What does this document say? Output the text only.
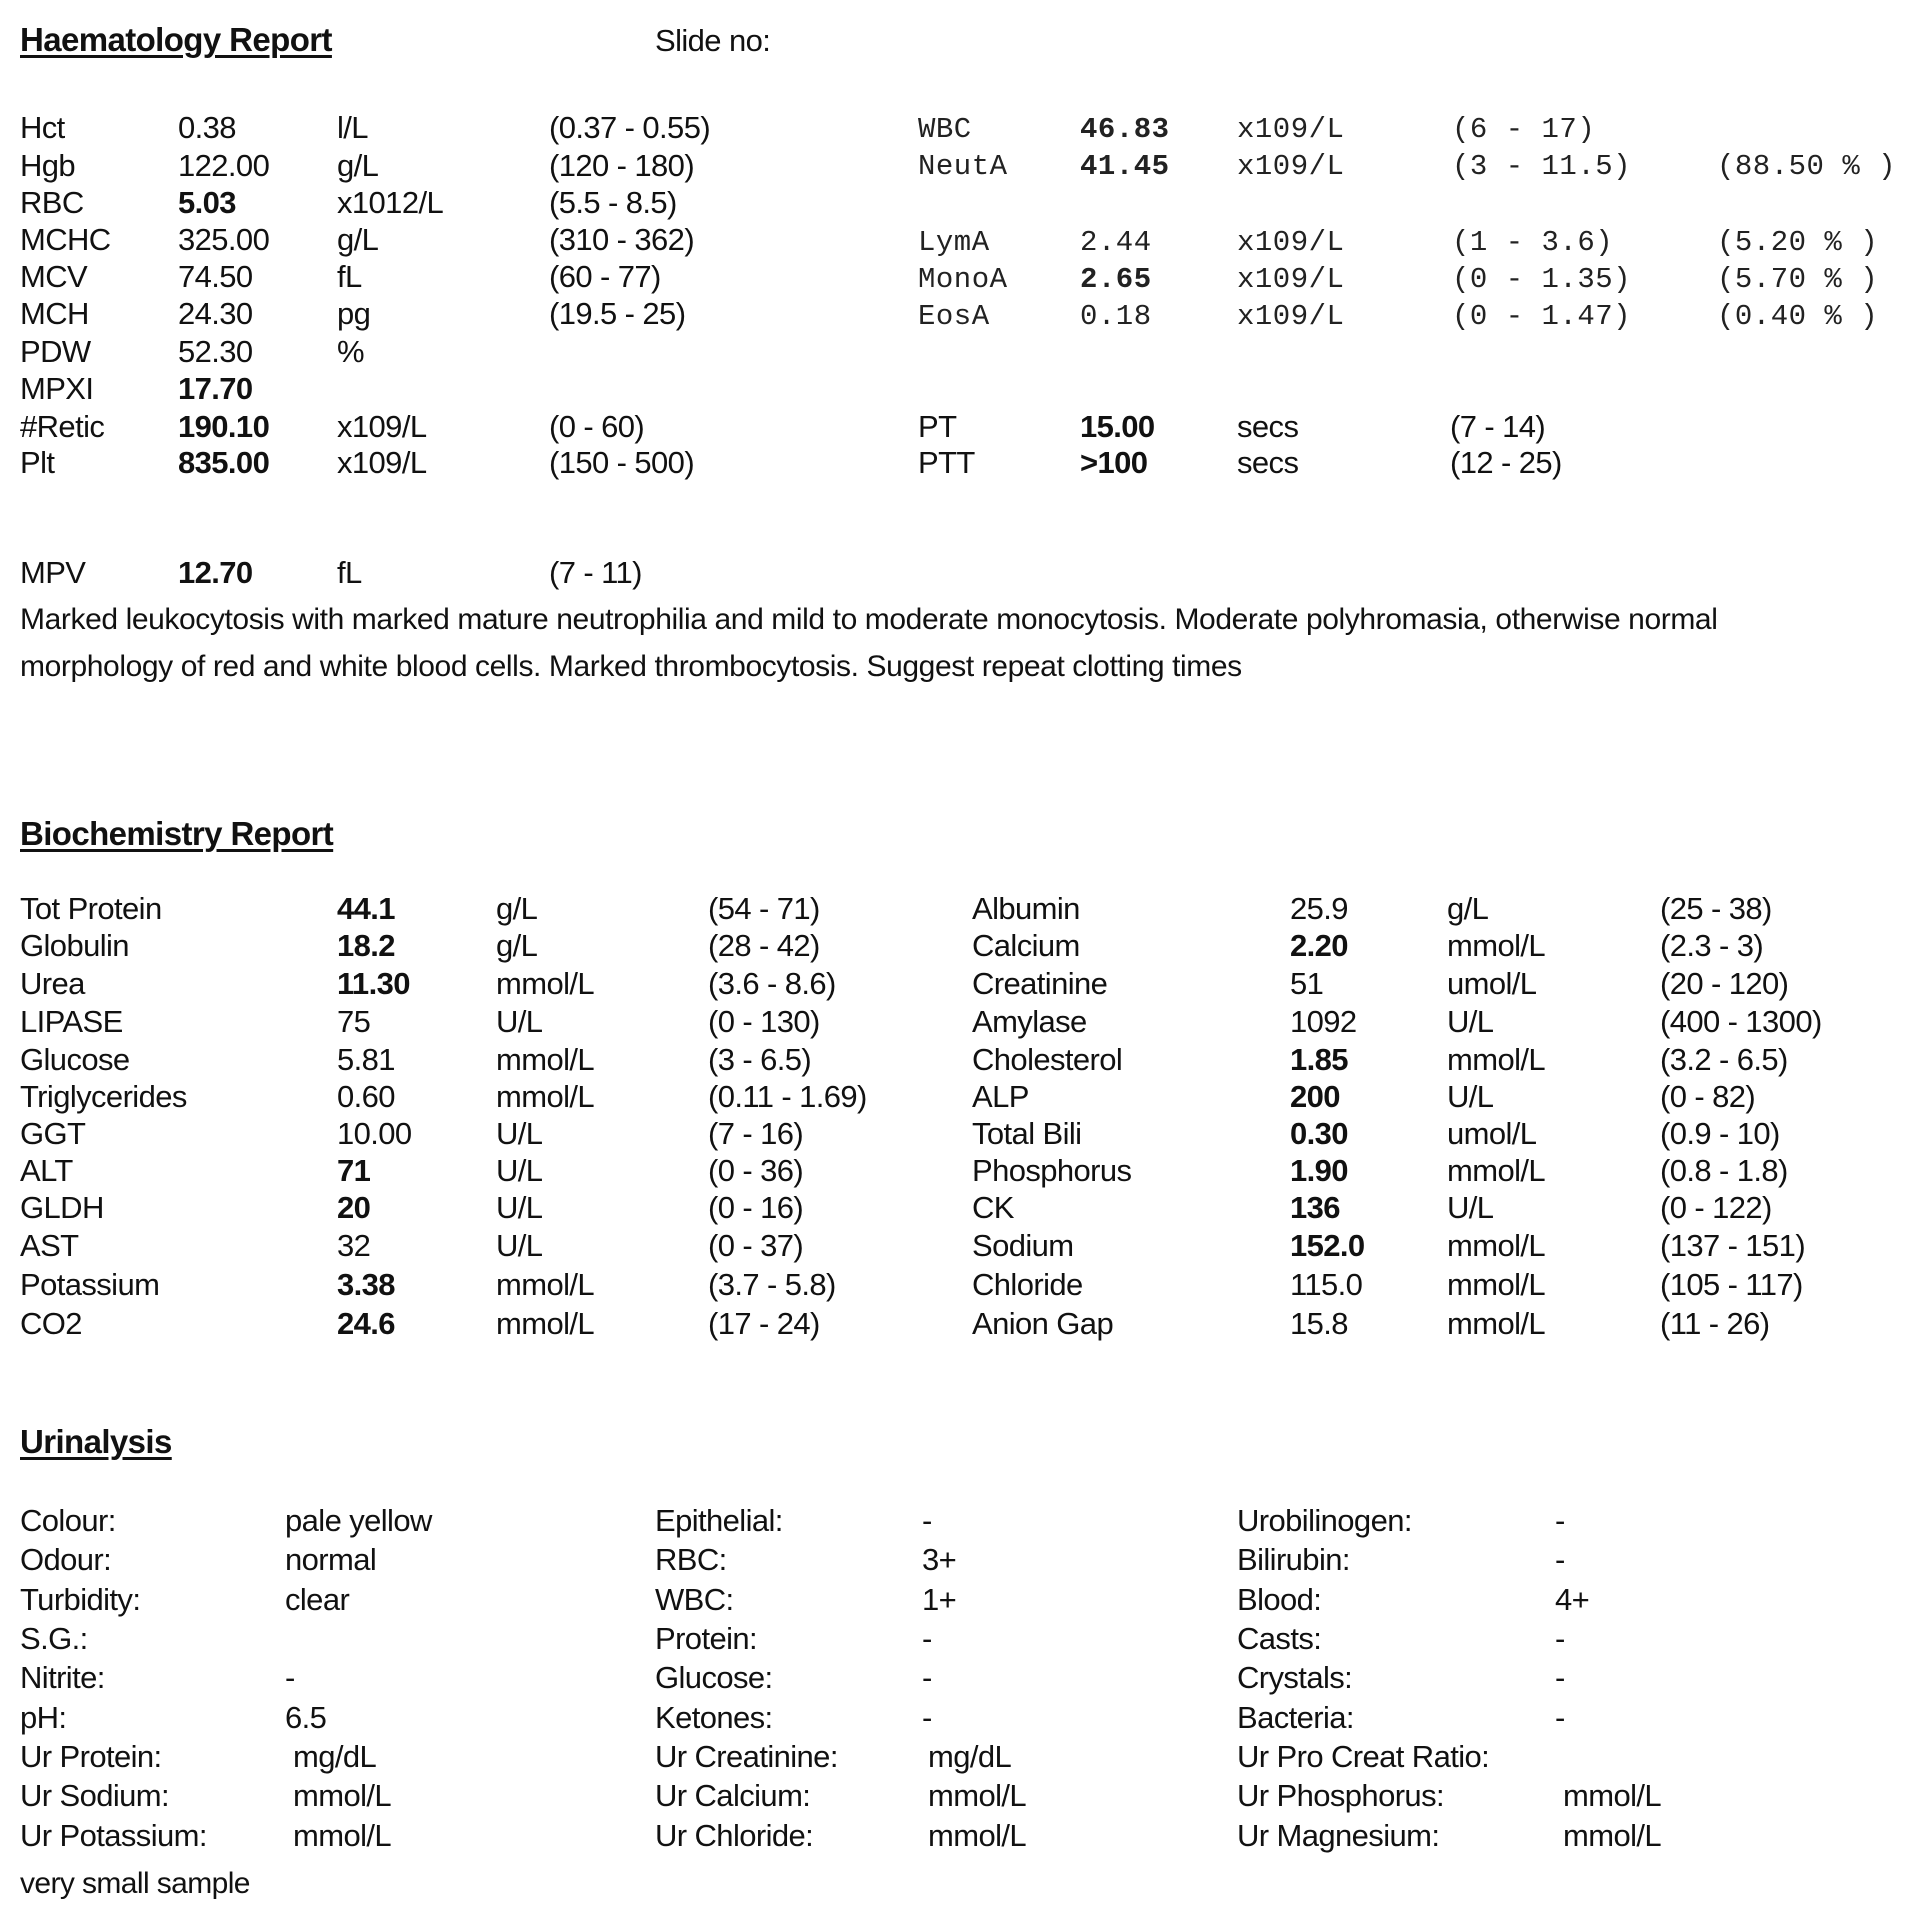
Haematology Report	Slide no:
Hct	0.38	l/L	(0.37 - 0.55)
Hgb	122.00 g/L	(120 - 180)
RBC	5.03	x1012/L	(5.5 - 8.5)
MCHC 325.00 g/L	(310 - 362)
MCV	74.50	fL	(60 - 77)
MCH	24.30	pg	(19.5 - 25)
PDW	52.30	%
MPXI	17.70
#Retic 190.10 x109/L	(0 - 60)
Plt	835.00 x109/L	(150 - 500)
WBC	46.83 x109/L	(6 - 17)
NeutA 41.45 x109/L	(3 - 11.5)	(88.50 % )
LymA	2.44	x109/L	(1 - 3.6)	(5.20 % )
MonoA 2.65	x109/L	(0 - 1.35)	(5.70 % )
EosA	0.18	x109/L	(0 - 1.47)	(0.40 % )
PT	15.00	secs	(7 - 14)
PTT	>100	secs	(12 - 25)
MPV	12.70	fL	(7 - 11)
Marked leukocytosis with marked mature neutrophilia and mild to moderate monocytosis. Moderate polyhromasia, otherwise normal
morphology of red and white blood cells. Marked thrombocytosis. Suggest repeat clotting times
Biochemistry Report
Tot Protein	44.1	g/L	(54 - 71)
Globulin	18.2	g/L	(28 - 42)
Urea	11.30	mmol/L	(3.6 - 8.6)
LIPASE	75	U/L	(0 - 130)
Glucose	5.81	mmol/L	(3 - 6.5)
Triglycerides	0.60	mmol/L	(0.11 - 1.69)
GGT	10.00	U/L	(7 - 16)
ALT	71	U/L	(0 - 36)
GLDH	20	U/L	(0 - 16)
AST	32	U/L	(0 - 37)
Potassium	3.38	mmol/L	(3.7 - 5.8)
CO2	24.6	mmol/L	(17 - 24)
Albumin	25.9	g/L	(25 - 38)
Calcium	2.20	mmol/L	(2.3 - 3)
Creatinine	51	umol/L	(20 - 120)
Amylase	1092	U/L	(400 - 1300)
Cholesterol	1.85	mmol/L	(3.2 - 6.5)
ALP	200	U/L	(0 - 82)
Total Bili	0.30	umol/L	(0.9 - 10)
Phosphorus	1.90	mmol/L	(0.8 - 1.8)
CK	136	U/L	(0 - 122)
Sodium	152.0	mmol/L	(137 - 151)
Chloride	115.0	mmol/L	(105 - 117)
Anion Gap	15.8	mmol/L	(11 - 26)
Urinalysis
Colour:	pale yellow
Odour:	normal
Turbidity:	clear
S.G.:
Nitrite:	-
pH:	6.5
Ur Protein:	mg/dL
Ur Sodium:	mmol/L
Ur Potassium:	mmol/L
Epithelial:	-
RBC:	3+
WBC:	1+
Protein:	-
Glucose:	-
Ketones:	-
Ur Creatinine:	mg/dL
Ur Calcium:	mmol/L
Ur Chloride:	mmol/L
Urobilinogen:	-
Bilirubin:	-
Blood:	4+
Casts:	-
Crystals:	-
Bacteria:	-
Ur Pro Creat Ratio:
Ur Phosphorus:	mmol/L
Ur Magnesium:	mmol/L
very small sample
